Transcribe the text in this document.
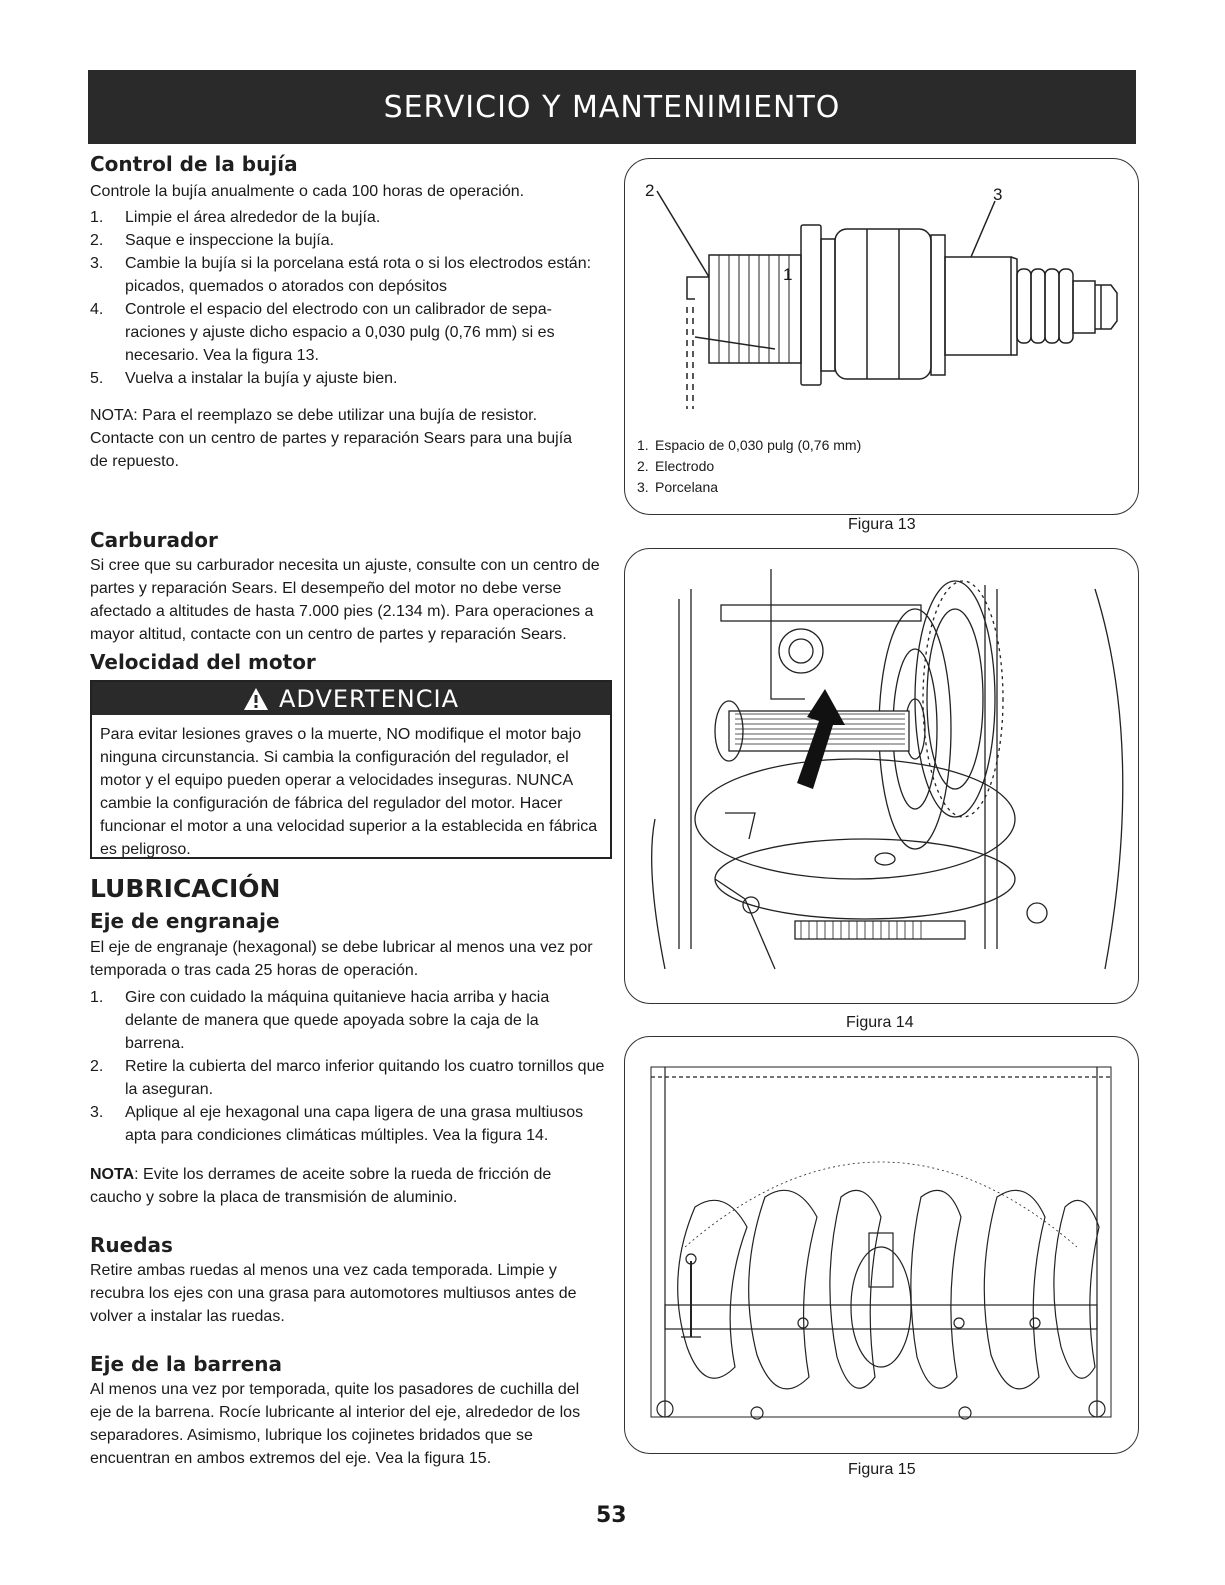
SERVICIO Y MANTENIMIENTO
Control de la bujía

Controle la bujía anualmente o cada 100 horas de operación.

1. Limpie el área alrededor de la bujía.
2. Saque e inspeccione la bujía.
3. Cambie la bujía si la porcelana está rota o si los electrodos están: picados, quemados o atorados con depósitos
4. Controle el espacio del electrodo con un calibrador de sepa-raciones y ajuste dicho espacio a 0,030 pulg (0,76 mm) si es necesario. Vea la figura 13.
5. Vuelva a instalar la bujía y ajuste bien.

NOTA: Para el reemplazo se debe utilizar una bujía de resistor. Contacte con un centro de partes y reparación Sears para una bujía de repuesto.

Carburador

Si cree que su carburador necesita un ajuste, consulte con un centro de partes y reparación Sears. El desempeño del motor no debe verse afectado a altitudes de hasta 7.000 pies (2.134 m). Para operaciones a mayor altitud, contacte con un centro de partes y reparación Sears.

Velocidad del motor
ADVERTENCIA
Para evitar lesiones graves o la muerte, NO modifique el motor bajo ninguna circunstancia. Si cambia la configuración del regulador, el motor y el equipo pueden operar a velocidades inseguras. NUNCA cambie la configuración de fábrica del regulador del motor. Hacer funcionar el motor a una velocidad superior a la establecida en fábrica es peligroso.
LUBRICACIÓN
Eje de engranaje

El eje de engranaje (hexagonal) se debe lubricar al menos una vez por temporada o tras cada 25 horas de operación.

1. Gire con cuidado la máquina quitanieve hacia arriba y hacia delante de manera que quede apoyada sobre la caja de la barrena.
2. Retire la cubierta del marco inferior quitando los cuatro tornillos que la aseguran.
3. Aplique al eje hexagonal una capa ligera de una grasa multiusos apta para condiciones climáticas múltiples. Vea la figura 14.

NOTA: Evite los derrames de aceite sobre la rueda de fricción de caucho y sobre la placa de transmisión de aluminio.

Ruedas

Retire ambas ruedas al menos una vez cada temporada. Limpie y recubra los ejes con una grasa para automotores multiusos antes de volver a instalar las ruedas.

Eje de la barrena

Al menos una vez por temporada, quite los pasadores de cuchilla del eje de la barrena. Rocíe lubricante al interior del eje, alrededor de los separadores. Asimismo, lubrique los cojinetes bridados que se encuentran en ambos extremos del eje. Vea la figura 15.

2	3
1
1. Espacio de 0,030 pulg (0,76 mm)
2. Electrodo
3. Porcelana
Figura 13
Figura 14
Figura 15
53
